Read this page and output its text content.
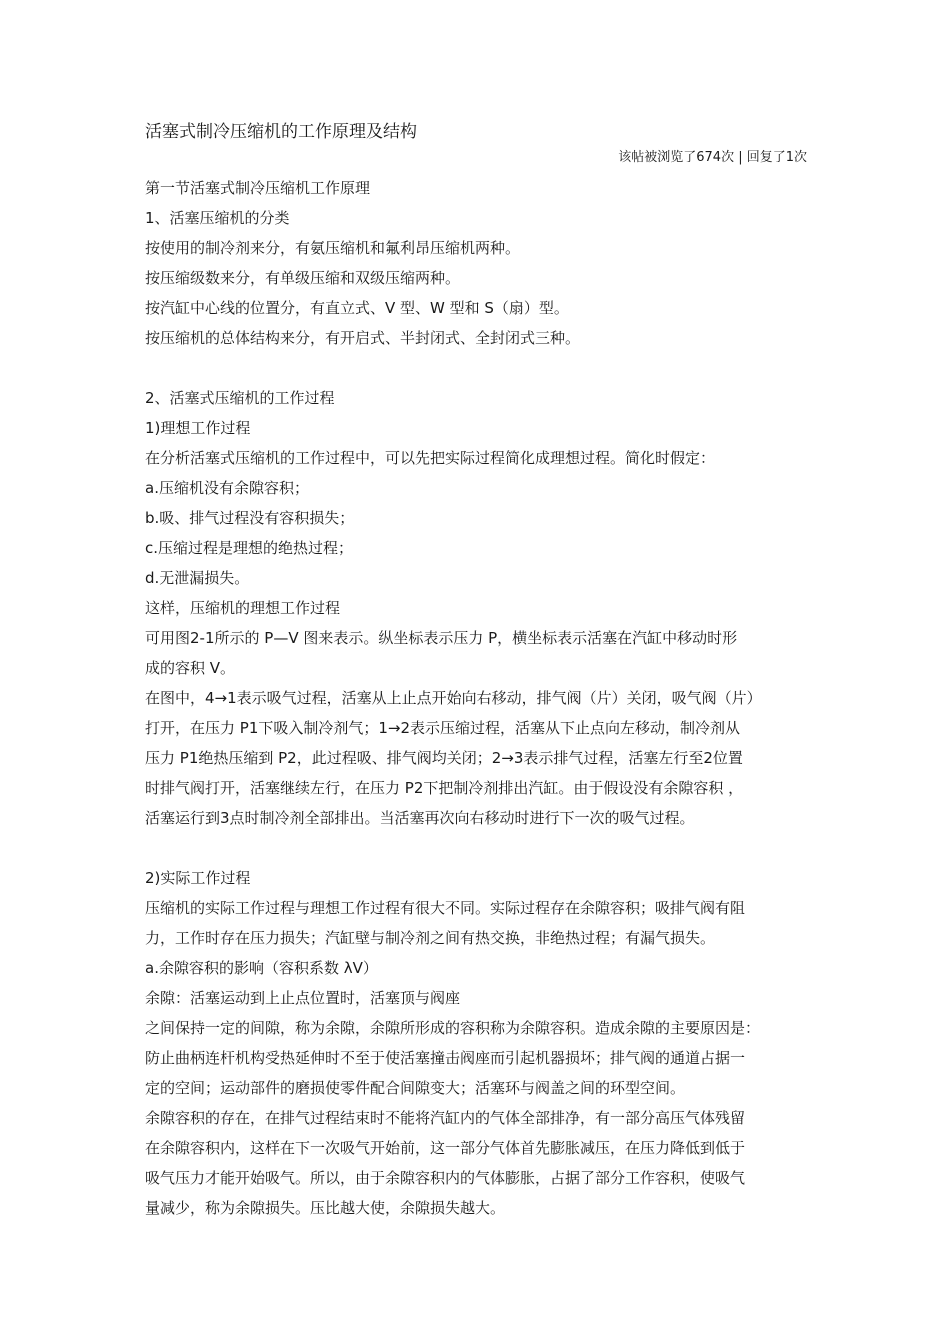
活塞式制冷压缩机的工作原理及结构
该帖被浏览了674次 | 回复了1次
第一节活塞式制冷压缩机工作原理
1、活塞压缩机的分类
按使用的制冷剂来分，有氨压缩机和氟利昂压缩机两种。
按压缩级数来分，有单级压缩和双级压缩两种。
按汽缸中心线的位置分，有直立式、V 型、W 型和 S（扇）型。
按压缩机的总体结构来分，有开启式、半封闭式、全封闭式三种。
2、活塞式压缩机的工作过程
1)理想工作过程
在分析活塞式压缩机的工作过程中，可以先把实际过程简化成理想过程。简化时假定：
a.压缩机没有余隙容积；
b.吸、排气过程没有容积损失；
c.压缩过程是理想的绝热过程；
d.无泄漏损失。
这样，压缩机的理想工作过程
可用图2-1所示的 P—V 图来表示。纵坐标表示压力 P，横坐标表示活塞在汽缸中移动时形
成的容积 V。
在图中，4→1表示吸气过程，活塞从上止点开始向右移动，排气阀（片）关闭，吸气阀（片）
打开，在压力 P1下吸入制冷剂气；1→2表示压缩过程，活塞从下止点向左移动，制冷剂从
压力 P1绝热压缩到 P2，此过程吸、排气阀均关闭；2→3表示排气过程，活塞左行至2位置
时排气阀打开，活塞继续左行，在压力 P2下把制冷剂排出汽缸。由于假设没有余隙容积 ，
活塞运行到3点时制冷剂全部排出。当活塞再次向右移动时进行下一次的吸气过程。
2)实际工作过程
压缩机的实际工作过程与理想工作过程有很大不同。实际过程存在余隙容积；吸排气阀有阻
力，工作时存在压力损失；汽缸壁与制冷剂之间有热交换，非绝热过程；有漏气损失。
a.余隙容积的影响（容积系数 λV）
余隙：活塞运动到上止点位置时，活塞顶与阀座
之间保持一定的间隙，称为余隙，余隙所形成的容积称为余隙容积。造成余隙的主要原因是：
防止曲柄连杆机构受热延伸时不至于使活塞撞击阀座而引起机器损坏；排气阀的通道占据一
定的空间；运动部件的磨损使零件配合间隙变大；活塞环与阀盖之间的环型空间。
余隙容积的存在，在排气过程结束时不能将汽缸内的气体全部排净，有一部分高压气体残留
在余隙容积内，这样在下一次吸气开始前，这一部分气体首先膨胀减压，在压力降低到低于
吸气压力才能开始吸气。所以，由于余隙容积内的气体膨胀，占据了部分工作容积，使吸气
量减少，称为余隙损失。压比越大使，余隙损失越大。
